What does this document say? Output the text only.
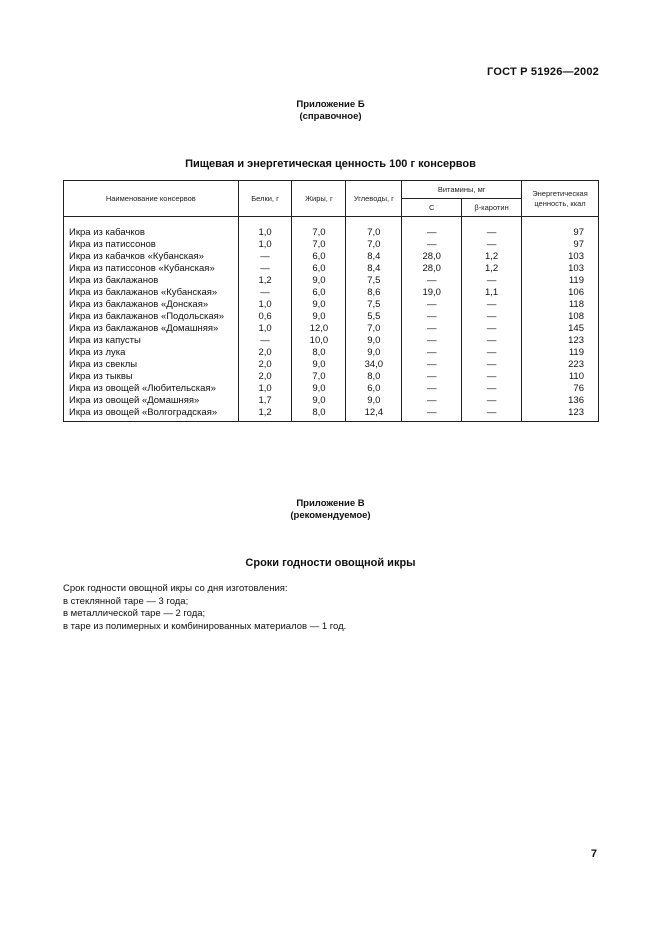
ГОСТ Р 51926—2002
Приложение Б
(справочное)
Пищевая и энергетическая ценность 100 г консервов
Наименование консервов	Белки, г	Жиры, г	Углеводы, г	Витамины, мг		Энергетическая ценность, ккал
				С	β-каротин	

Икра из кабачков	1,0	7,0	7,0	—	—	97
Икра из патиссонов	1,0	7,0	7,0	—	—	97
Икра из кабачков «Кубанская»	—	6,0	8,4	28,0	1,2	103
Икра из патиссонов «Кубанская»	—	6,0	8,4	28,0	1,2	103
Икра из баклажанов	1,2	9,0	7,5	—	—	119
Икра из баклажанов «Кубанская»	—	6,0	8,6	19,0	1,1	106
Икра из баклажанов «Донская»	1,0	9,0	7,5	—	—	118
Икра из баклажанов «Подольская»	0,6	9,0	5,5	—	—	108
Икра из баклажанов «Домашняя»	1,0	12,0	7,0	—	—	145
Икра из капусты	—	10,0	9,0	—	—	123
Икра из лука	2,0	8,0	9,0	—	—	119
Икра из свеклы	2,0	9,0	34,0	—	—	223
Икра из тыквы	2,0	7,0	8,0	—	—	110
Икра из овощей «Любительская»	1,0	9,0	6,0	—	—	76
Икра из овощей «Домашняя»	1,7	9,0	9,0	—	—	136
Икра из овощей «Волгоградская»	1,2	8,0	12,4	—	—	123
Приложение В
(рекомендуемое)
Сроки годности овощной икры
Срок годности овощной икры со дня изготовления:
в стеклянной таре — 3 года;
в металлической таре — 2 года;
в таре из полимерных и комбинированных материалов — 1 год.
7
